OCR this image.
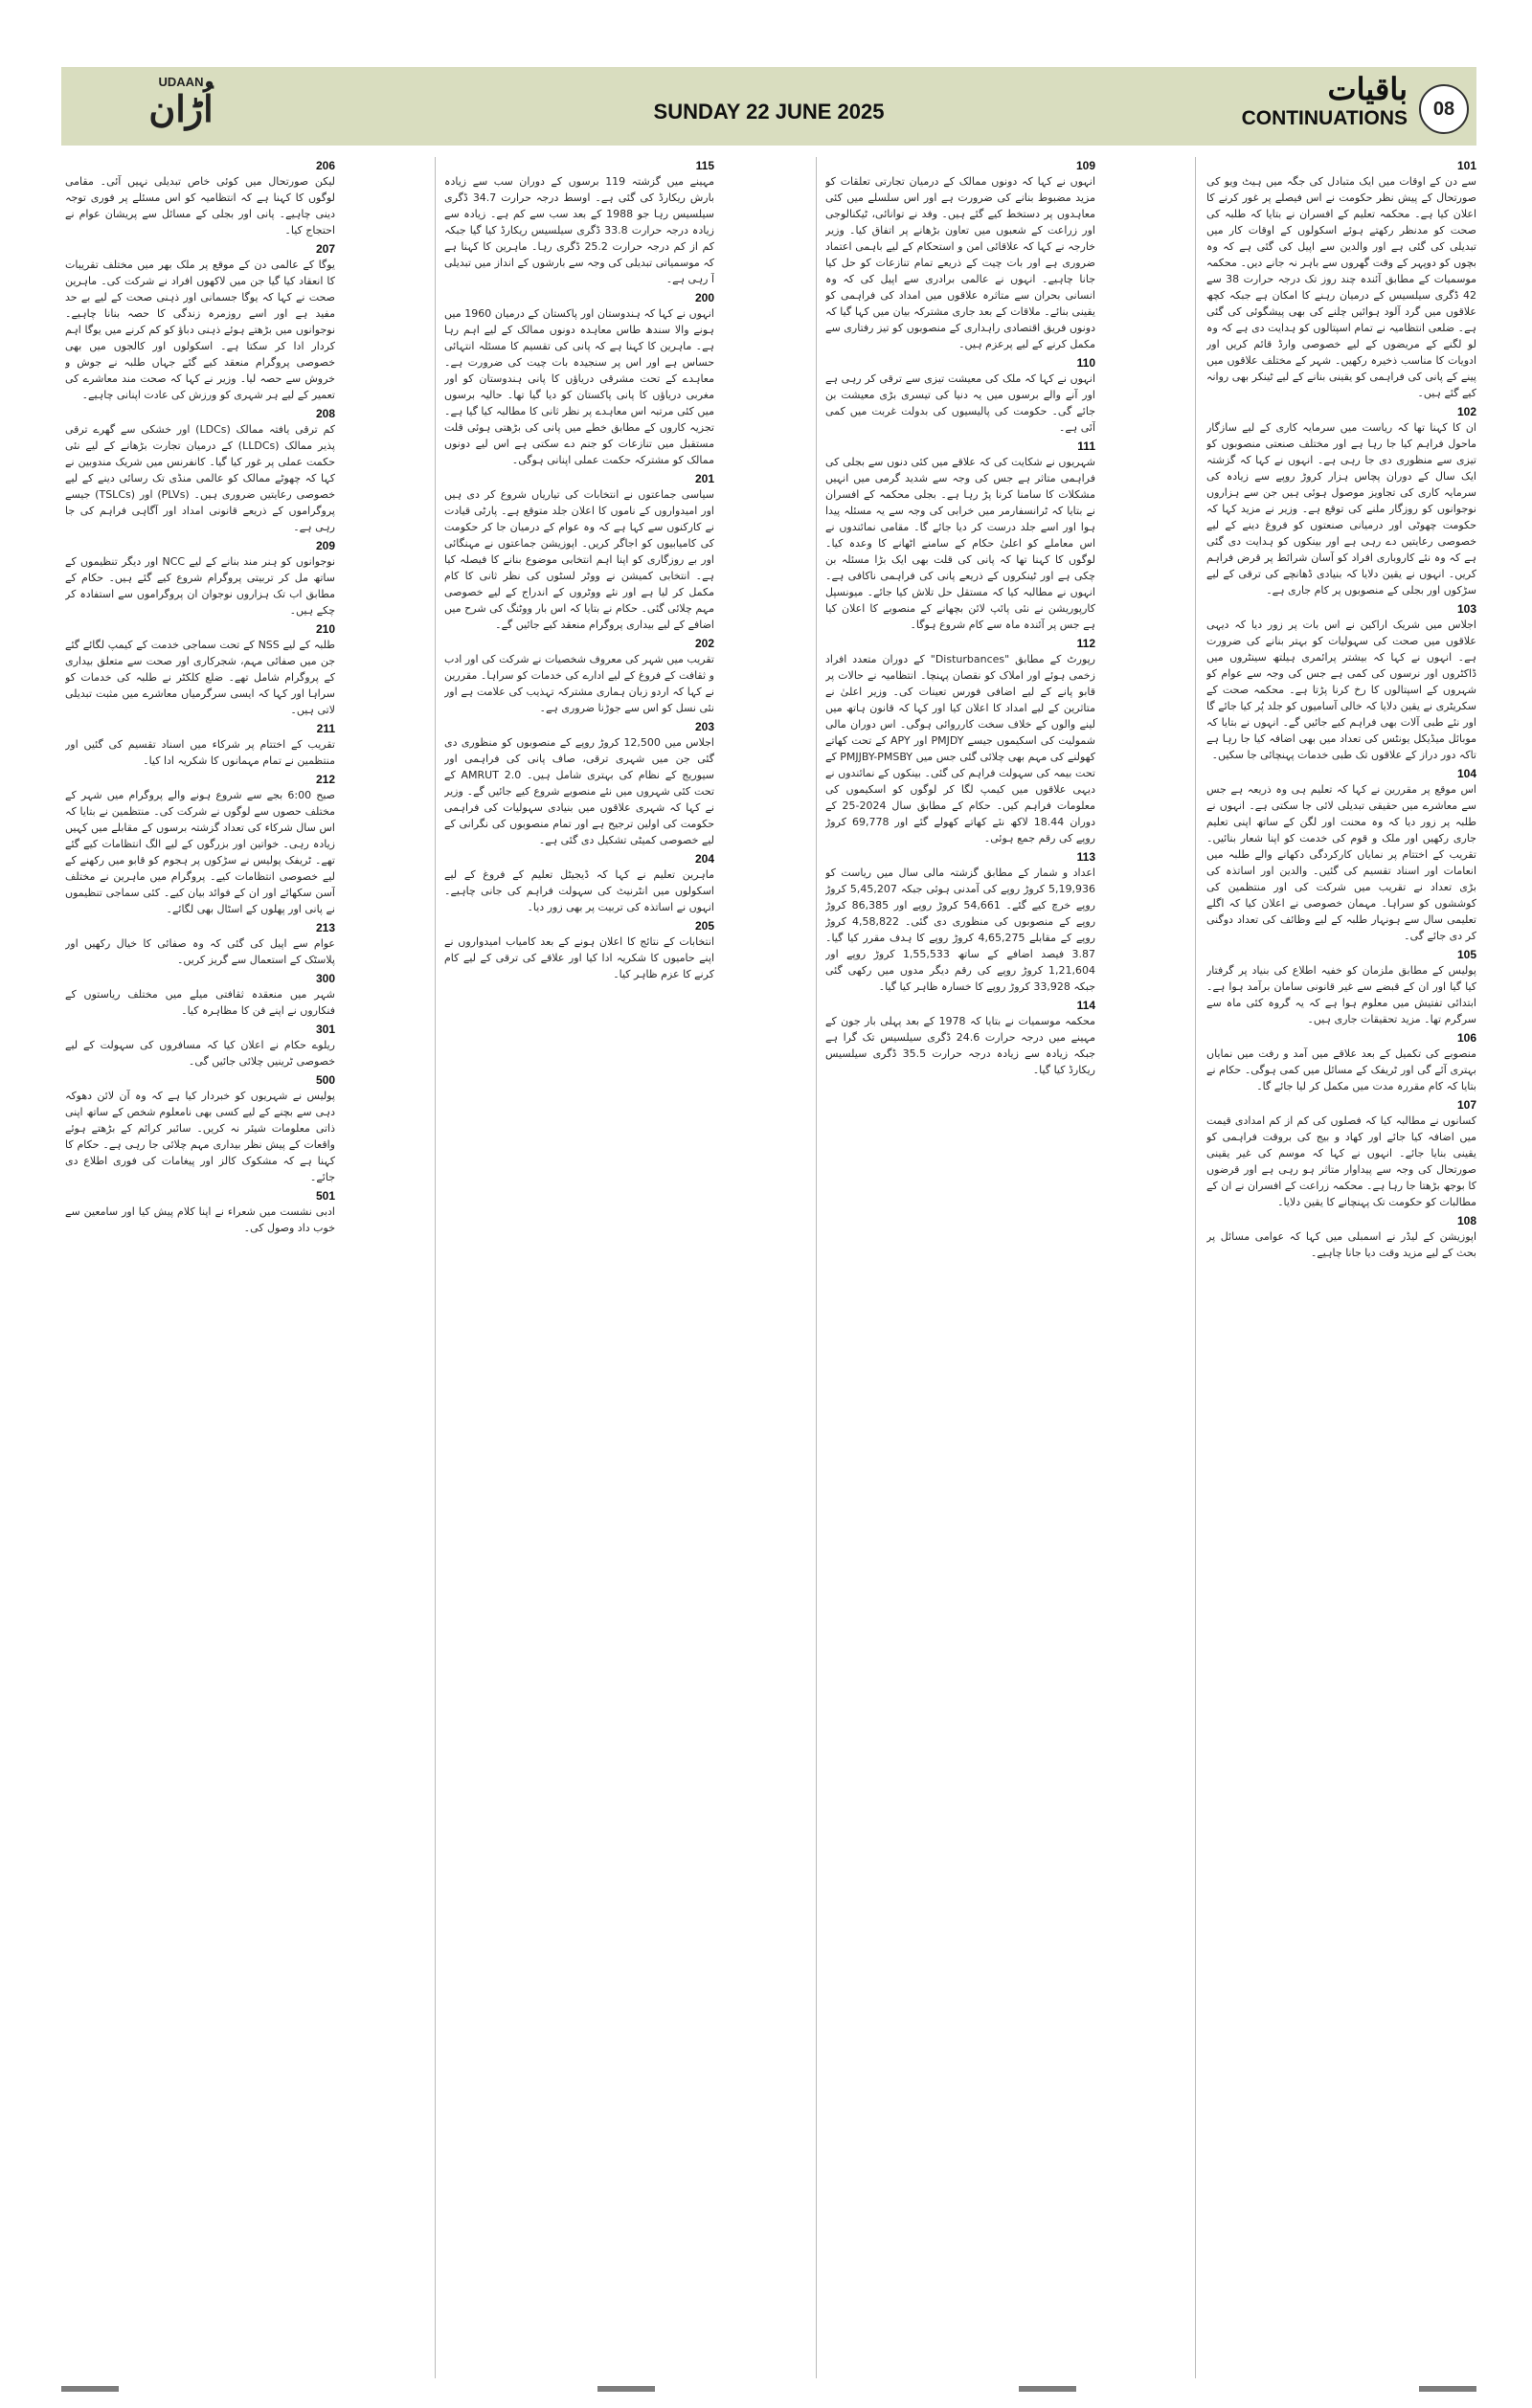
UDAAN
اُڑان	SUNDAY 22 JUNE 2025
باقیات
CONTINUATIONS	08
101

سے دن کے اوقات میں ایک متبادل کی جگہ میں ہیٹ ویو کی صورتحال کے پیش نظر حکومت نے اس فیصلے پر غور کرنے کا اعلان کیا ہے۔ محکمہ تعلیم کے افسران نے بتایا کہ طلبہ کی صحت کو مدنظر رکھتے ہوئے اسکولوں کے اوقات کار میں تبدیلی کی گئی ہے اور والدین سے اپیل کی گئی ہے کہ وہ بچوں کو دوپہر کے وقت گھروں سے باہر نہ جانے دیں۔ محکمہ موسمیات کے مطابق آئندہ چند روز تک درجہ حرارت 38 سے 42 ڈگری سیلسیس کے درمیان رہنے کا امکان ہے جبکہ کچھ علاقوں میں گرد آلود ہوائیں چلنے کی بھی پیشگوئی کی گئی ہے۔ ضلعی انتظامیہ نے تمام اسپتالوں کو ہدایت دی ہے کہ وہ لو لگنے کے مریضوں کے لیے خصوصی وارڈ قائم کریں اور ادویات کا مناسب ذخیرہ رکھیں۔ شہر کے مختلف علاقوں میں پینے کے پانی کی فراہمی کو یقینی بنانے کے لیے ٹینکر بھی روانہ کیے گئے ہیں۔

102

ان کا کہنا تھا کہ ریاست میں سرمایہ کاری کے لیے سازگار ماحول فراہم کیا جا رہا ہے اور مختلف صنعتی منصوبوں کو تیزی سے منظوری دی جا رہی ہے۔ انہوں نے کہا کہ گزشتہ ایک سال کے دوران پچاس ہزار کروڑ روپے سے زیادہ کی سرمایہ کاری کی تجاویز موصول ہوئی ہیں جن سے ہزاروں نوجوانوں کو روزگار ملنے کی توقع ہے۔ وزیر نے مزید کہا کہ حکومت چھوٹی اور درمیانی صنعتوں کو فروغ دینے کے لیے خصوصی رعایتیں دے رہی ہے اور بینکوں کو ہدایت دی گئی ہے کہ وہ نئے کاروباری افراد کو آسان شرائط پر قرض فراہم کریں۔ انہوں نے یقین دلایا کہ بنیادی ڈھانچے کی ترقی کے لیے سڑکوں اور بجلی کے منصوبوں پر کام جاری ہے۔

103

اجلاس میں شریک اراکین نے اس بات پر زور دیا کہ دیہی علاقوں میں صحت کی سہولیات کو بہتر بنانے کی ضرورت ہے۔ انہوں نے کہا کہ بیشتر پرائمری ہیلتھ سینٹروں میں ڈاکٹروں اور نرسوں کی کمی ہے جس کی وجہ سے عوام کو شہروں کے اسپتالوں کا رخ کرنا پڑتا ہے۔ محکمہ صحت کے سکریٹری نے یقین دلایا کہ خالی آسامیوں کو جلد پُر کیا جائے گا اور نئے طبی آلات بھی فراہم کیے جائیں گے۔ انہوں نے بتایا کہ موبائل میڈیکل یونٹس کی تعداد میں بھی اضافہ کیا جا رہا ہے تاکہ دور دراز کے علاقوں تک طبی خدمات پہنچائی جا سکیں۔

104

اس موقع پر مقررین نے کہا کہ تعلیم ہی وہ ذریعہ ہے جس سے معاشرے میں حقیقی تبدیلی لائی جا سکتی ہے۔ انہوں نے طلبہ پر زور دیا کہ وہ محنت اور لگن کے ساتھ اپنی تعلیم جاری رکھیں اور ملک و قوم کی خدمت کو اپنا شعار بنائیں۔ تقریب کے اختتام پر نمایاں کارکردگی دکھانے والے طلبہ میں انعامات اور اسناد تقسیم کی گئیں۔ والدین اور اساتذہ کی بڑی تعداد نے تقریب میں شرکت کی اور منتظمین کی کوششوں کو سراہا۔ مہمان خصوصی نے اعلان کیا کہ اگلے تعلیمی سال سے ہونہار طلبہ کے لیے وظائف کی تعداد دوگنی کر دی جائے گی۔

105

پولیس کے مطابق ملزمان کو خفیہ اطلاع کی بنیاد پر گرفتار کیا گیا اور ان کے قبضے سے غیر قانونی سامان برآمد ہوا ہے۔ ابتدائی تفتیش میں معلوم ہوا ہے کہ یہ گروہ کئی ماہ سے سرگرم تھا۔ مزید تحقیقات جاری ہیں۔

106

منصوبے کی تکمیل کے بعد علاقے میں آمد و رفت میں نمایاں بہتری آئے گی اور ٹریفک کے مسائل میں کمی ہوگی۔ حکام نے بتایا کہ کام مقررہ مدت میں مکمل کر لیا جائے گا۔

107

کسانوں نے مطالبہ کیا کہ فصلوں کی کم از کم امدادی قیمت میں اضافہ کیا جائے اور کھاد و بیج کی بروقت فراہمی کو یقینی بنایا جائے۔ انہوں نے کہا کہ موسم کی غیر یقینی صورتحال کی وجہ سے پیداوار متاثر ہو رہی ہے اور قرضوں کا بوجھ بڑھتا جا رہا ہے۔ محکمہ زراعت کے افسران نے ان کے مطالبات کو حکومت تک پہنچانے کا یقین دلایا۔

108

اپوزیشن کے لیڈر نے اسمبلی میں کہا کہ عوامی مسائل پر بحث کے لیے مزید وقت دیا جانا چاہیے۔

109

انہوں نے کہا کہ دونوں ممالک کے درمیان تجارتی تعلقات کو مزید مضبوط بنانے کی ضرورت ہے اور اس سلسلے میں کئی معاہدوں پر دستخط کیے گئے ہیں۔ وفد نے توانائی، ٹیکنالوجی اور زراعت کے شعبوں میں تعاون بڑھانے پر اتفاق کیا۔ وزیر خارجہ نے کہا کہ علاقائی امن و استحکام کے لیے باہمی اعتماد ضروری ہے اور بات چیت کے ذریعے تمام تنازعات کو حل کیا جانا چاہیے۔ انہوں نے عالمی برادری سے اپیل کی کہ وہ انسانی بحران سے متاثرہ علاقوں میں امداد کی فراہمی کو یقینی بنائے۔ ملاقات کے بعد جاری مشترکہ بیان میں کہا گیا کہ دونوں فریق اقتصادی راہداری کے منصوبوں کو تیز رفتاری سے مکمل کرنے کے لیے پرعزم ہیں۔

110

انہوں نے کہا کہ ملک کی معیشت تیزی سے ترقی کر رہی ہے اور آنے والے برسوں میں یہ دنیا کی تیسری بڑی معیشت بن جائے گی۔ حکومت کی پالیسیوں کی بدولت غربت میں کمی آئی ہے۔

111

شہریوں نے شکایت کی کہ علاقے میں کئی دنوں سے بجلی کی فراہمی متاثر ہے جس کی وجہ سے شدید گرمی میں انہیں مشکلات کا سامنا کرنا پڑ رہا ہے۔ بجلی محکمہ کے افسران نے بتایا کہ ٹرانسفارمر میں خرابی کی وجہ سے یہ مسئلہ پیدا ہوا اور اسے جلد درست کر دیا جائے گا۔ مقامی نمائندوں نے اس معاملے کو اعلیٰ حکام کے سامنے اٹھانے کا وعدہ کیا۔ لوگوں کا کہنا تھا کہ پانی کی قلت بھی ایک بڑا مسئلہ بن چکی ہے اور ٹینکروں کے ذریعے پانی کی فراہمی ناکافی ہے۔ انہوں نے مطالبہ کیا کہ مستقل حل تلاش کیا جائے۔ میونسپل کارپوریشن نے نئی پائپ لائن بچھانے کے منصوبے کا اعلان کیا ہے جس پر آئندہ ماہ سے کام شروع ہوگا۔

112

رپورٹ کے مطابق "Disturbances" کے دوران متعدد افراد زخمی ہوئے اور املاک کو نقصان پہنچا۔ انتظامیہ نے حالات پر قابو پانے کے لیے اضافی فورس تعینات کی۔ وزیر اعلیٰ نے متاثرین کے لیے امداد کا اعلان کیا اور کہا کہ قانون ہاتھ میں لینے والوں کے خلاف سخت کارروائی ہوگی۔ اس دوران مالی شمولیت کی اسکیموں جیسے PMJDY اور APY کے تحت کھاتے کھولنے کی مہم بھی چلائی گئی جس میں PMJJBY-PMSBY کے تحت بیمہ کی سہولت فراہم کی گئی۔ بینکوں کے نمائندوں نے دیہی علاقوں میں کیمپ لگا کر لوگوں کو اسکیموں کی معلومات فراہم کیں۔ حکام کے مطابق سال 2024-25 کے دوران 18.44 لاکھ نئے کھاتے کھولے گئے اور 69,778 کروڑ روپے کی رقم جمع ہوئی۔

113

اعداد و شمار کے مطابق گزشتہ مالی سال میں ریاست کو 5,19,936 کروڑ روپے کی آمدنی ہوئی جبکہ 5,45,207 کروڑ روپے خرچ کیے گئے۔ 54,661 کروڑ روپے اور 86,385 کروڑ روپے کے منصوبوں کی منظوری دی گئی۔ 4,58,822 کروڑ روپے کے مقابلے 4,65,275 کروڑ روپے کا ہدف مقرر کیا گیا۔ 3.87 فیصد اضافے کے ساتھ 1,55,533 کروڑ روپے اور 1,21,604 کروڑ روپے کی رقم دیگر مدوں میں رکھی گئی جبکہ 33,928 کروڑ روپے کا خسارہ ظاہر کیا گیا۔

114

محکمہ موسمیات نے بتایا کہ 1978 کے بعد پہلی بار جون کے مہینے میں درجہ حرارت 24.6 ڈگری سیلسیس تک گرا ہے جبکہ زیادہ سے زیادہ درجہ حرارت 35.5 ڈگری سیلسیس ریکارڈ کیا گیا۔

115

مہینے میں گزشتہ 119 برسوں کے دوران سب سے زیادہ بارش ریکارڈ کی گئی ہے۔ اوسط درجہ حرارت 34.7 ڈگری سیلسیس رہا جو 1988 کے بعد سب سے کم ہے۔ زیادہ سے زیادہ درجہ حرارت 33.8 ڈگری سیلسیس ریکارڈ کیا گیا جبکہ کم از کم درجہ حرارت 25.2 ڈگری رہا۔ ماہرین کا کہنا ہے کہ موسمیاتی تبدیلی کی وجہ سے بارشوں کے انداز میں تبدیلی آ رہی ہے۔

200

انہوں نے کہا کہ ہندوستان اور پاکستان کے درمیان 1960 میں ہونے والا سندھ طاس معاہدہ دونوں ممالک کے لیے اہم رہا ہے۔ ماہرین کا کہنا ہے کہ پانی کی تقسیم کا مسئلہ انتہائی حساس ہے اور اس پر سنجیدہ بات چیت کی ضرورت ہے۔ معاہدے کے تحت مشرقی دریاؤں کا پانی ہندوستان کو اور مغربی دریاؤں کا پانی پاکستان کو دیا گیا تھا۔ حالیہ برسوں میں کئی مرتبہ اس معاہدے پر نظر ثانی کا مطالبہ کیا گیا ہے۔ تجزیہ کاروں کے مطابق خطے میں پانی کی بڑھتی ہوئی قلت مستقبل میں تنازعات کو جنم دے سکتی ہے اس لیے دونوں ممالک کو مشترکہ حکمت عملی اپنانی ہوگی۔

201

سیاسی جماعتوں نے انتخابات کی تیاریاں شروع کر دی ہیں اور امیدواروں کے ناموں کا اعلان جلد متوقع ہے۔ پارٹی قیادت نے کارکنوں سے کہا ہے کہ وہ عوام کے درمیان جا کر حکومت کی کامیابیوں کو اجاگر کریں۔ اپوزیشن جماعتوں نے مہنگائی اور بے روزگاری کو اپنا اہم انتخابی موضوع بنانے کا فیصلہ کیا ہے۔ انتخابی کمیشن نے ووٹر لسٹوں کی نظر ثانی کا کام مکمل کر لیا ہے اور نئے ووٹروں کے اندراج کے لیے خصوصی مہم چلائی گئی۔ حکام نے بتایا کہ اس بار ووٹنگ کی شرح میں اضافے کے لیے بیداری پروگرام منعقد کیے جائیں گے۔

202

تقریب میں شہر کی معروف شخصیات نے شرکت کی اور ادب و ثقافت کے فروغ کے لیے ادارے کی خدمات کو سراہا۔ مقررین نے کہا کہ اردو زبان ہماری مشترکہ تہذیب کی علامت ہے اور نئی نسل کو اس سے جوڑنا ضروری ہے۔

203

اجلاس میں 12,500 کروڑ روپے کے منصوبوں کو منظوری دی گئی جن میں شہری ترقی، صاف پانی کی فراہمی اور سیوریج کے نظام کی بہتری شامل ہیں۔ AMRUT 2.0 کے تحت کئی شہروں میں نئے منصوبے شروع کیے جائیں گے۔ وزیر نے کہا کہ شہری علاقوں میں بنیادی سہولیات کی فراہمی حکومت کی اولین ترجیح ہے اور تمام منصوبوں کی نگرانی کے لیے خصوصی کمیٹی تشکیل دی گئی ہے۔

204

ماہرین تعلیم نے کہا کہ ڈیجیٹل تعلیم کے فروغ کے لیے اسکولوں میں انٹرنیٹ کی سہولت فراہم کی جانی چاہیے۔ انہوں نے اساتذہ کی تربیت پر بھی زور دیا۔

205

انتخابات کے نتائج کا اعلان ہونے کے بعد کامیاب امیدواروں نے اپنے حامیوں کا شکریہ ادا کیا اور علاقے کی ترقی کے لیے کام کرنے کا عزم ظاہر کیا۔

206

لیکن صورتحال میں کوئی خاص تبدیلی نہیں آئی۔ مقامی لوگوں کا کہنا ہے کہ انتظامیہ کو اس مسئلے پر فوری توجہ دینی چاہیے۔ پانی اور بجلی کے مسائل سے پریشان عوام نے احتجاج کیا۔

207

یوگا کے عالمی دن کے موقع پر ملک بھر میں مختلف تقریبات کا انعقاد کیا گیا جن میں لاکھوں افراد نے شرکت کی۔ ماہرین صحت نے کہا کہ یوگا جسمانی اور ذہنی صحت کے لیے بے حد مفید ہے اور اسے روزمرہ زندگی کا حصہ بنانا چاہیے۔ نوجوانوں میں بڑھتے ہوئے ذہنی دباؤ کو کم کرنے میں یوگا اہم کردار ادا کر سکتا ہے۔ اسکولوں اور کالجوں میں بھی خصوصی پروگرام منعقد کیے گئے جہاں طلبہ نے جوش و خروش سے حصہ لیا۔ وزیر نے کہا کہ صحت مند معاشرے کی تعمیر کے لیے ہر شہری کو ورزش کی عادت اپنانی چاہیے۔

208

کم ترقی یافتہ ممالک (LDCs) اور خشکی سے گھرے ترقی پذیر ممالک (LLDCs) کے درمیان تجارت بڑھانے کے لیے نئی حکمت عملی پر غور کیا گیا۔ کانفرنس میں شریک مندوبین نے کہا کہ چھوٹے ممالک کو عالمی منڈی تک رسائی دینے کے لیے خصوصی رعایتیں ضروری ہیں۔ (PLVs) اور (TSLCs) جیسے پروگراموں کے ذریعے قانونی امداد اور آگاہی فراہم کی جا رہی ہے۔

209

نوجوانوں کو ہنر مند بنانے کے لیے NCC اور دیگر تنظیموں کے ساتھ مل کر تربیتی پروگرام شروع کیے گئے ہیں۔ حکام کے مطابق اب تک ہزاروں نوجوان ان پروگراموں سے استفادہ کر چکے ہیں۔

210

طلبہ کے لیے NSS کے تحت سماجی خدمت کے کیمپ لگائے گئے جن میں صفائی مہم، شجرکاری اور صحت سے متعلق بیداری کے پروگرام شامل تھے۔ ضلع کلکٹر نے طلبہ کی خدمات کو سراہا اور کہا کہ ایسی سرگرمیاں معاشرے میں مثبت تبدیلی لاتی ہیں۔

211

تقریب کے اختتام پر شرکاء میں اسناد تقسیم کی گئیں اور منتظمین نے تمام مہمانوں کا شکریہ ادا کیا۔

212

صبح 6:00 بجے سے شروع ہونے والے پروگرام میں شہر کے مختلف حصوں سے لوگوں نے شرکت کی۔ منتظمین نے بتایا کہ اس سال شرکاء کی تعداد گزشتہ برسوں کے مقابلے میں کہیں زیادہ رہی۔ خواتین اور بزرگوں کے لیے الگ انتظامات کیے گئے تھے۔ ٹریفک پولیس نے سڑکوں پر ہجوم کو قابو میں رکھنے کے لیے خصوصی انتظامات کیے۔ پروگرام میں ماہرین نے مختلف آسن سکھائے اور ان کے فوائد بیان کیے۔ کئی سماجی تنظیموں نے پانی اور پھلوں کے اسٹال بھی لگائے۔

213

عوام سے اپیل کی گئی کہ وہ صفائی کا خیال رکھیں اور پلاسٹک کے استعمال سے گریز کریں۔

300

شہر میں منعقدہ ثقافتی میلے میں مختلف ریاستوں کے فنکاروں نے اپنے فن کا مظاہرہ کیا۔

301

ریلوے حکام نے اعلان کیا کہ مسافروں کی سہولت کے لیے خصوصی ٹرینیں چلائی جائیں گی۔

500

پولیس نے شہریوں کو خبردار کیا ہے کہ وہ آن لائن دھوکہ دہی سے بچنے کے لیے کسی بھی نامعلوم شخص کے ساتھ اپنی ذاتی معلومات شیئر نہ کریں۔ سائبر کرائم کے بڑھتے ہوئے واقعات کے پیش نظر بیداری مہم چلائی جا رہی ہے۔ حکام کا کہنا ہے کہ مشکوک کالز اور پیغامات کی فوری اطلاع دی جائے۔

501

ادبی نشست میں شعراء نے اپنا کلام پیش کیا اور سامعین سے خوب داد وصول کی۔
